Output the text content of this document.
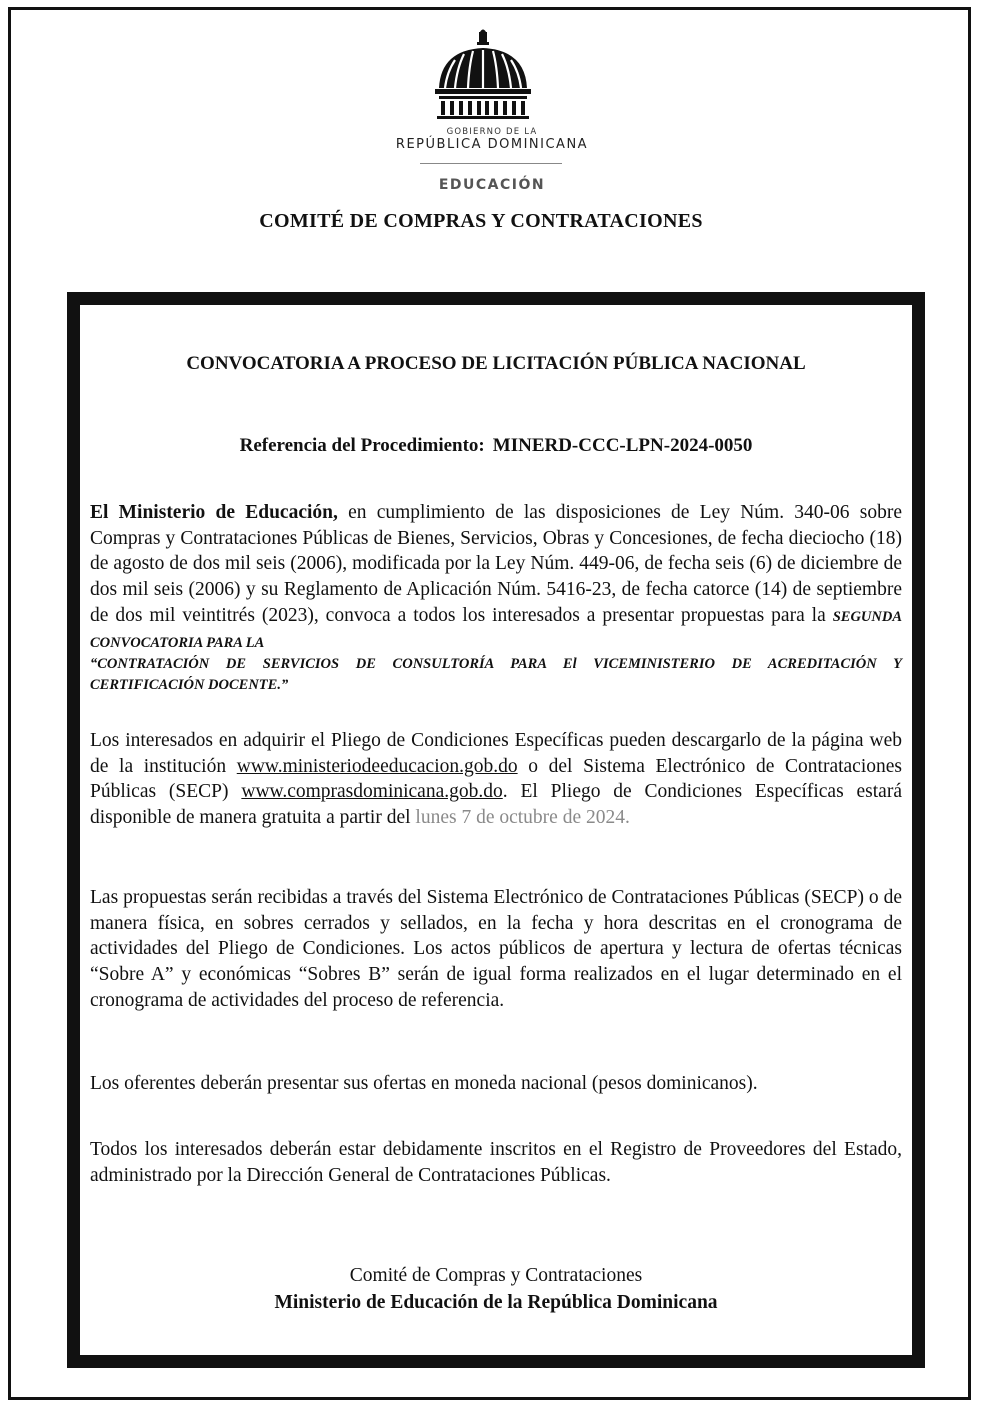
GOBIERNO DE LA
REPÚBLICA DOMINICANA
EDUCACIÓN
COMITÉ DE COMPRAS Y CONTRATACIONES
CONVOCATORIA A PROCESO DE LICITACIÓN PÚBLICA NACIONAL
Referencia del Procedimiento: MINERD-CCC-LPN-2024-0050
El Ministerio de Educación, en cumplimiento de las disposiciones de Ley Núm. 340-06 sobre Compras y Contrataciones Públicas de Bienes, Servicios, Obras y Concesiones, de fecha dieciocho (18) de agosto de dos mil seis (2006), modificada por la Ley Núm. 449-06, de fecha seis (6) de diciembre de dos mil seis (2006) y su Reglamento de Aplicación Núm. 5416-23, de fecha catorce (14) de septiembre de dos mil veintitrés (2023), convoca a todos los interesados a presentar propuestas para la SEGUNDA CONVOCATORIA PARA LA
“CONTRATACIÓN DE SERVICIOS DE CONSULTORÍA PARA El VICEMINISTERIO DE ACREDITACIÓN Y
CERTIFICACIÓN DOCENTE.”
Los interesados en adquirir el Pliego de Condiciones Específicas pueden descargarlo de la página web de la institución www.ministeriodeeducacion.gob.do o del Sistema Electrónico de Contrataciones Públicas (SECP) www.comprasdominicana.gob.do. El Pliego de Condiciones Específicas estará disponible de manera gratuita a partir del lunes 7 de octubre de 2024.
Las propuestas serán recibidas a través del Sistema Electrónico de Contrataciones Públicas (SECP) o de manera física, en sobres cerrados y sellados, en la fecha y hora descritas en el cronograma de actividades del Pliego de Condiciones. Los actos públicos de apertura y lectura de ofertas técnicas “Sobre A” y económicas “Sobres B” serán de igual forma realizados en el lugar determinado en el cronograma de actividades del proceso de referencia.
Los oferentes deberán presentar sus ofertas en moneda nacional (pesos dominicanos).
Todos los interesados deberán estar debidamente inscritos en el Registro de Proveedores del Estado, administrado por la Dirección General de Contrataciones Públicas.
Comité de Compras y Contrataciones
Ministerio de Educación de la República Dominicana
